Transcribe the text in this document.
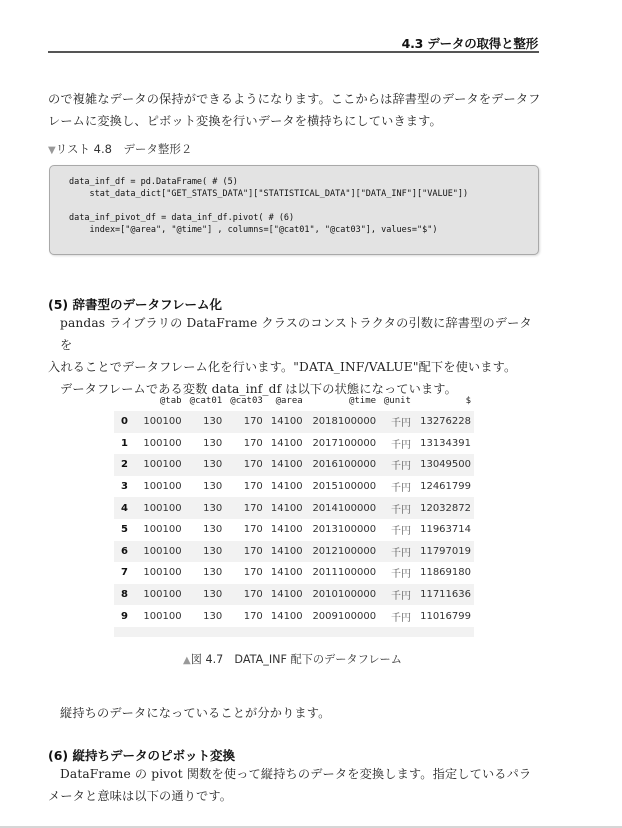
4.3 データの取得と整形
ので複雑なデータの保持ができるようになります。ここからは辞書型のデータをデータフ
レームに変換し、ピボット変換を行いデータを横持ちにしていきます。
▼リスト 4.8　データ整形２
data_inf_df = pd.DataFrame( # (5)
stat_data_dict["GET_STATS_DATA"]["STATISTICAL_DATA"]["DATA_INF"]["VALUE"])

data_inf_pivot_df = data_inf_df.pivot( # (6)
index=["@area", "@time"] , columns=["@cat01", "@cat03"], values="$")
(5) 辞書型のデータフレーム化
pandas ライブラリの DataFrame クラスのコンストラクタの引数に辞書型のデータを
入れることでデータフレーム化を行います。"DATA_INF/VALUE"配下を使います。
データフレームである変数 data_inf_df は以下の状態になっています。
	@tab	@cat01	@cat03	@area	@time	@unit	$
0	100100	130	170	14100	2018100000	千円	13276228
1	100100	130	170	14100	2017100000	千円	13134391
2	100100	130	170	14100	2016100000	千円	13049500
3	100100	130	170	14100	2015100000	千円	12461799
4	100100	130	170	14100	2014100000	千円	12032872
5	100100	130	170	14100	2013100000	千円	11963714
6	100100	130	170	14100	2012100000	千円	11797019
7	100100	130	170	14100	2011100000	千円	11869180
8	100100	130	170	14100	2010100000	千円	11711636
9	100100	130	170	14100	2009100000	千円	11016799

▲図 4.7　DATA_INF 配下のデータフレーム
縦持ちのデータになっていることが分かります。
(6) 縦持ちデータのピボット変換
DataFrame の pivot 関数を使って縦持ちのデータを変換します。指定しているパラ
メータと意味は以下の通りです。
